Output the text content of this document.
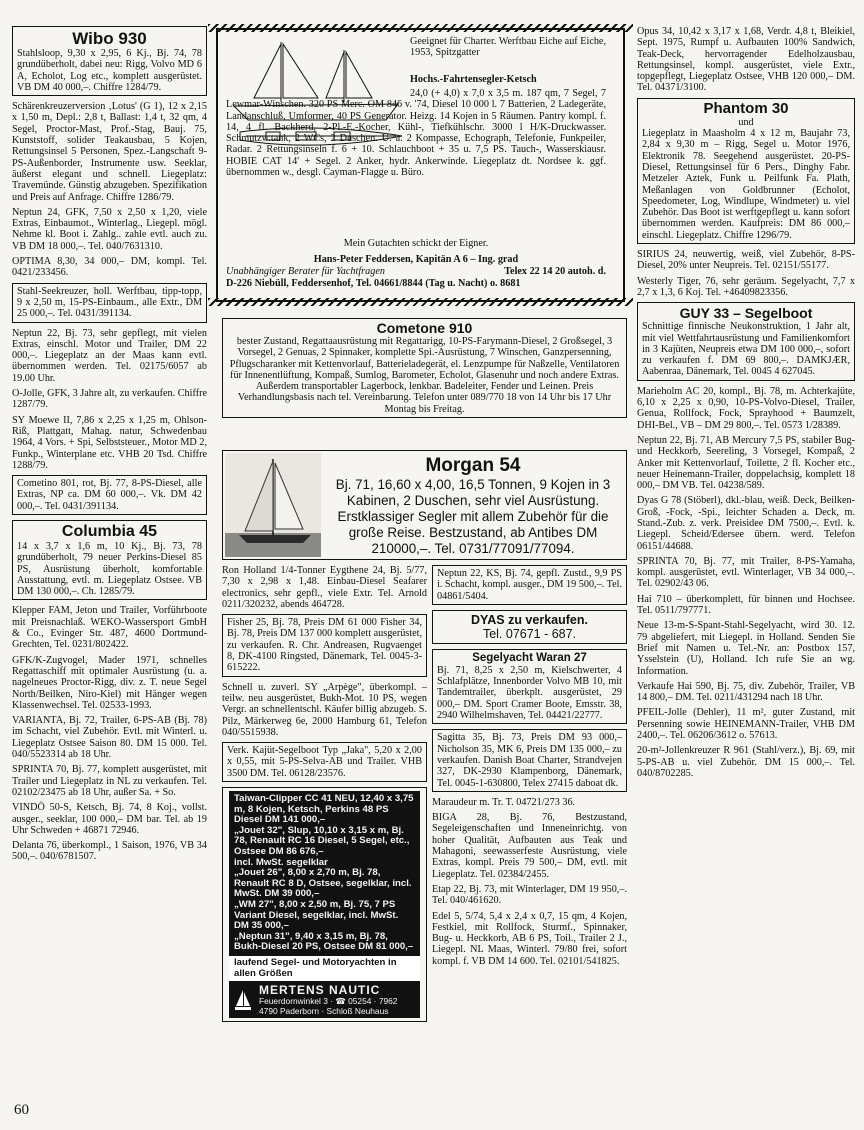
Wibo 930
Stahlsloop, 9,30 x 2,95, 6 Kj., Bj. 74, 78 grundüberholt, dabei neu: Rigg, Volvo MD 6 A, Echolot, Log etc., komplett ausgerüstet. VB DM 40 000,–. Chiffre 1284/79.
Schärenkreuzerversion ‚Lotus' (G 1), 12 x 2,15 x 1,50 m, Depl.: 2,8 t, Ballast: 1,4 t, 32 qm, 4 Segel, Proctor-Mast, Prof.-Stag, Bauj. 75, Kunststoff, solider Teakausbau, 5 Kojen, Rettungsinsel 5 Personen, Spez.-Langschaft 9-PS-Außenborder, Instrumente usw. Seeklar, äußerst elegant und schnell. Liegeplatz: Travemünde. Günstig abzugeben. Spezifikation und Preis auf Anfrage. Chiffre 1286/79.
Neptun 24, GFK, 7,50 x 2,50 x 1,20, viele Extras, Einbaumot., Winterlag., Liegepl. mögl. Nehme kl. Boot i. Zahlg.. zahle evtl. auch zu. VB DM 18 000,–. Tel. 040/7631310.
OPTIMA 8,30, 34 000,– DM, kompl. Tel. 0421/233456.
Stahl-Seekreuzer, holl. Werftbau, tipp-topp, 9 x 2,50 m, 15-PS-Einbaum., alle Extr., DM 25 000,–. Tel. 0431/391134.
Neptun 22, Bj. 73, sehr gepflegt, mit vielen Extras, einschl. Motor und Trailer, DM 22 000,–. Liegeplatz an der Maas kann evtl. übernommen werden. Tel. 02175/6057 ab 19.00 Uhr.
O-Jolle, GFK, 3 Jahre alt, zu verkaufen. Chiffre 1287/79.
SY Moewe II, 7,86 x 2,25 x 1,25 m, Ohlson-Riß, Plattgatt, Mahag. natur, Schwedenbau 1964, 4 Vors. + Spi, Selbststeuer., Motor MD 2, Funkp., Winterplane etc. VHB 20 Tsd. Chiffre 1288/79.
Cometino 801, rot, Bj. 77, 8-PS-Diesel, alle Extras, NP ca. DM 60 000,–. Vk. DM 42 000,–. Tel. 0431/391134.
Columbia 45
14 x 3,7 x 1,6 m, 10 Kj., Bj. 73, 78 grundüberholt, 79 neuer Perkins-Diesel 85 PS, Ausrüstung überholt, komfortable Ausstattung, evtl. m. Liegeplatz Ostsee. VB DM 130 000,–. Ch. 1285/79.
Klepper FAM, Jeton und Trailer, Vorführboote mit Preisnachlaß. WEKO-Wassersport GmbH & Co., Evinger Str. 487, 4600 Dortmund-Grechten, Tel. 0231/802422.
GFK/K-Zugvogel, Mader 1971, schnelles Regattaschiff mit optimaler Ausrüstung (u. a. nagelneues Proctor-Rigg, div. z. T. neue Segel North/Beilken, Niro-Kiel) mit Hänger wegen Klassenwechsel. Tel. 02533-1993.
VARIANTA, Bj. 72, Trailer, 6-PS-AB (Bj. 78) im Schacht, viel Zubehör. Evtl. mit Winterl. u. Liegeplatz Ostsee Saison 80. DM 15 000. Tel. 040/5523314 ab 18 Uhr.
SPRINTA 70, Bj. 77, komplett ausgerüstet, mit Trailer und Liegeplatz in NL zu verkaufen. Tel. 02102/23475 ab 18 Uhr, außer Sa. + So.
VINDÖ 50-S, Ketsch, Bj. 74, 8 Koj., vollst. ausger., seeklar, 100 000,– DM bar. Tel. ab 19 Uhr Schweden + 46871 72946.
Delanta 76, überkompl., 1 Saison, 1976, VB 34 500,–. 040/6781507.
Geeignet für Charter. Werftbau Eiche auf Eiche, 1953, Spitzgatter
Hochs.-Fahrtensegler-Ketsch
24,0 (+ 4,0) x 7,0 x 3,5 m. 187 qm, 7 Segel, 7 Lewmar-Winschen. 320 PS Merc. OM 846 v. '74, Diesel 10 000 l. 7 Batterien, 2 Ladegeräte, Landanschluß, Umformer, 40 PS Generator. Heizg. 14 Kojen in 5 Räumen. Pantry kompl. f. 14, 4 fl. Backherd, 2-Pl.-E.-Kocher, Kühl-, Tiefkühlschr. 3000 l H/K-Druckwasser. Schmutzw.tank, 2 WCs, 2 Duschen. U. a. 2 Kompasse, Echograph, Telefonie, Funkpeiler, Radar. 2 Rettungsinseln f. 6 + 10. Schlauchboot + 35 u. 7,5 PS. Tauch-, Wasserskiausr. HOBIE CAT 14' + Segel. 2 Anker, hydr. Ankerwinde. Liegeplatz dt. Nordsee k. ggf. übernommen w., desgl. Cayman-Flagge u. Büro.
Mein Gutachten schickt der Eigner.
Hans-Peter Feddersen, Kapitän A 6 – Ing. grad
Unabhängiger Berater für Yachtfragen	Telex 22 14 20 autoh. d.
D-226 Niebüll, Feddersenhof, Tel. 04661/8844 (Tag u. Nacht) o. 8681
Cometone 910
bester Zustand, Regattaausrüstung mit Regattarigg, 10-PS-Farymann-Diesel, 2 Großsegel, 3 Vorsegel, 2 Genuas, 2 Spinnaker, komplette Spi.-Ausrüstung, 7 Winschen, Ganzpersenning, Pflugscharanker mit Kettenvorlauf, Batterieladegerät, el. Lenzpumpe für Naßzelle, Ventilatoren für Innenentlüftung, Kompaß, Sumlog, Barometer, Echolot, Glasenuhr und noch andere Extras. Außerdem transportabler Lagerbock, lenkbar. Badeleiter, Fender und Leinen. Preis Verhandlungsbasis nach tel. Vereinbarung. Telefon unter 089/770 18 von 14 Uhr bis 17 Uhr Montag bis Freitag.
Morgan 54
Bj. 71, 16,60 x 4,00, 16,5 Tonnen, 9 Kojen in 3 Kabinen, 2 Duschen, sehr viel Ausrüstung. Erstklassiger Segler mit allem Zubehör für die große Reise. Bestzustand, ab Antibes DM 210000,–. Tel. 0731/77091/77094.
Ron Holland 1/4-Tonner Eygthene 24, Bj. 5/77, 7,30 x 2,98 x 1,48. Einbau-Diesel Seafarer electronics, sehr gepfl., viele Extr. Tel. Arnold 0211/320232, abends 464728.
Fisher 25, Bj. 78, Preis DM 61 000 Fisher 34, Bj. 78, Preis DM 137 000 komplett ausgerüstet, zu verkaufen. R. Chr. Andreasen, Rugvaenget 8, DK-4100 Ringsted, Dänemark, Tel. 0045-3-615222.
Schnell u. zuverl. SY „Arpège", überkompl. – teilw. neu ausgerüstet, Bukh-Mot. 10 PS, wegen Vergr. an schnellentschl. Käufer billig abzugeb. S. Pilz, Märkerweg 6e, 2000 Hamburg 61, Telefon 040/5515938.
Verk. Kajüt-Segelboot Typ „Jaka", 5,20 x 2,00 x 0,55, mit 5-PS-Selva-AB und Trailer. VHB 3500 DM. Tel. 06128/23576.
Taiwan-Clipper CC 41 NEU, 12,40 x 3,75 m, 8 Kojen, Ketsch, Perkins 48 PS Diesel DM 141 000,–
„Jouet 32", Slup, 10,10 x 3,15 x m, Bj. 78, Renault RC 16 Diesel, 5 Segel, etc., Ostsee DM 86 676,–
incl. MwSt. segelklar
„Jouet 26", 8,00 x 2,70 m, Bj. 78, Renault RC 8 D, Ostsee, segelklar, incl. MwSt. DM 39 000,–
„WM 27", 8,00 x 2,50 m, Bj. 75, 7 PS Variant Diesel, segelklar, incl. MwSt. DM 35 000,–
„Neptun 31", 9,40 x 3,15 m, Bj. 78, Bukh-Diesel 20 PS, Ostsee DM 81 000,–
laufend Segel- und Motoryachten in allen Größen
MERTENS NAUTIC
Feuerdornwinkel 3 · ☎ 05254 · 7962
4790 Paderborn · Schloß Neuhaus
Neptun 22, KS, Bj. 74, gepfl. Zustd., 9,9 PS i. Schacht, kompl. ausger., DM 19 500,–. Tel. 04861/5404.
DYAS zu verkaufen.
Tel. 07671 - 687.
Segelyacht Waran 27
Bj. 71, 8,25 x 2,50 m, Kielschwerter, 4 Schlafplätze, Innenborder Volvo MB 10, mit Tandemtrailer, überkplt. ausgerüstet, 29 000,– DM. Sport Cramer Boote, Emsstr. 38, 2940 Wilhelmshaven, Tel. 04421/22777.
Sagitta 35, Bj. 73, Preis DM 93 000,– Nicholson 35, MK 6, Preis DM 135 000,– zu verkaufen. Danish Boat Charter, Strandvejen 327, DK-2930 Klampenborg, Dänemark, Tel. 0045-1-630800, Telex 27415 daboat dk.
Maraudeur m. Tr. T. 04721/273 36.
BIGA 28, Bj. 76, Bestzustand, Segeleigenschaften und Inneneinrichtg. von hoher Qualität, Aufbauten aus Teak und Mahagoni, seewasserfeste Ausrüstung, viele Extras, kompl. Preis 79 500,– DM, evtl. mit Liegeplatz. Tel. 02384/2455.
Etap 22, Bj. 73, mit Winterlager, DM 19 950,–. Tel. 040/461620.
Edel 5, 5/74, 5,4 x 2,4 x 0,7, 15 qm, 4 Kojen, Festkiel, mit Rollfock, Sturmf., Spinnaker, Bug- u. Heckkorb, AB 6 PS, Toil., Trailer 2 J., Liegepl. NL Maas, Winterl. 79/80 frei, sofort kompl. f. VB DM 14 600. Tel. 02101/541825.
Opus 34, 10,42 x 3,17 x 1,68, Verdr. 4,8 t, Bleikiel, Sept. 1975, Rumpf u. Aufbauten 100% Sandwich, Teak-Deck, hervorragender Edelholzausbau, Rettungsinsel, kompl. ausgerüstet, viele Extr., topgepflegt, Liegeplatz Ostsee, VHB 120 000,– DM. Tel. 04371/3100.
Phantom 30
und
Liegeplatz in Maasholm 4 x 12 m, Baujahr 73, 2,84 x 9,30 m – Rigg, Segel u. Motor 1976, Elektronik 78. Seegehend ausgerüstet. 20-PS-Diesel, Rettungsinsel für 6 Pers., Dinghy Fabr. Metzeler Aztek, Funk u. Peilfunk Fa. Plath, Meßanlagen von Goldbrunner (Echolot, Speedometer, Log, Windlupe, Windmeter) u. viel Zubehör. Das Boot ist werftgepflegt u. kann sofort übernommen werden. Kaufpreis: DM 86 000,– einschl. Liegeplatz. Chiffre 1296/79.
SIRIUS 24, neuwertig, weiß, viel Zubehör, 8-PS-Diesel, 20% unter Neupreis. Tel. 02151/55177.
Westerly Tiger, 76, sehr geräum. Segelyacht, 7,7 x 2,7 x 1,3, 6 Koj. Tel. +46409823356.
GUY 33 – Segelboot
Schnittige finnische Neukonstruktion, 1 Jahr alt, mit viel Wettfahrtausrüstung und Familienkomfort in 3 Kajüten, Neupreis etwa DM 100 000,–, sofort zu verkaufen f. DM 69 800,–. DAMKJÆR, Aabenraa, Dänemark, Tel. 0045 4 627045.
Marieholm AC 20, kompl., Bj. 78, m. Achterkajüte, 6,10 x 2,25 x 0,90, 10-PS-Volvo-Diesel, Trailer, Genua, Rollfock, Fock, Sprayhood + Baumzelt, DHI-Bel., VB – DM 29 800,–. Tel. 0573 1/28389.
Neptun 22, Bj. 71, AB Mercury 7,5 PS, stabiler Bug- und Heckkorb, Seereling, 3 Vorsegel, Kompaß, 2 Anker mit Kettenvorlauf, Toilette, 2 fl. Kocher etc., neuer Heinemann-Trailer, doppelachsig, komplett 18 000,– DM VB. Tel. 04238/589.
Dyas G 78 (Stöberl), dkl.-blau, weiß. Deck, Beilken-Groß, -Fock, -Spi., leichter Schaden a. Deck, m. Stand.-Zub. z. verk. Preisidee DM 7500,–. Evtl. k. Liegepl. Scheid/Edersee übern. werd. Telefon 06151/44688.
SPRINTA 70, Bj. 77, mit Trailer, 8-PS-Yamaha, kompl. ausgerüstet, evtl. Winterlager, VB 34 000,–. Tel. 02902/43 06.
Hai 710 – überkomplett, für binnen und Hochsee. Tel. 0511/797771.
Neue 13-m-S-Spant-Stahl-Segelyacht, wird 30. 12. 79 abgeliefert, mit Liegepl. in Holland. Senden Sie Brief mit Namen u. Tel.-Nr. an: Postbox 157, Ysselstein (U), Holland. Ich rufe Sie an wg. Information.
Verkaufe Hai 590, Bj. 75, div. Zubehör, Trailer, VB 14 800,– DM. Tel. 0211/431294 nach 18 Uhr.
PFEIL-Jolle (Dehler), 11 m², guter Zustand, mit Persenning sowie HEINEMANN-Trailer, VHB DM 2400,–. Tel. 06206/3612 o. 57613.
20-m²-Jollenkreuzer R 961 (Stahl/verz.), Bj. 69, mit 5-PS-AB u. viel Zubehör. DM 15 000,–. Tel. 040/8702285.
60
